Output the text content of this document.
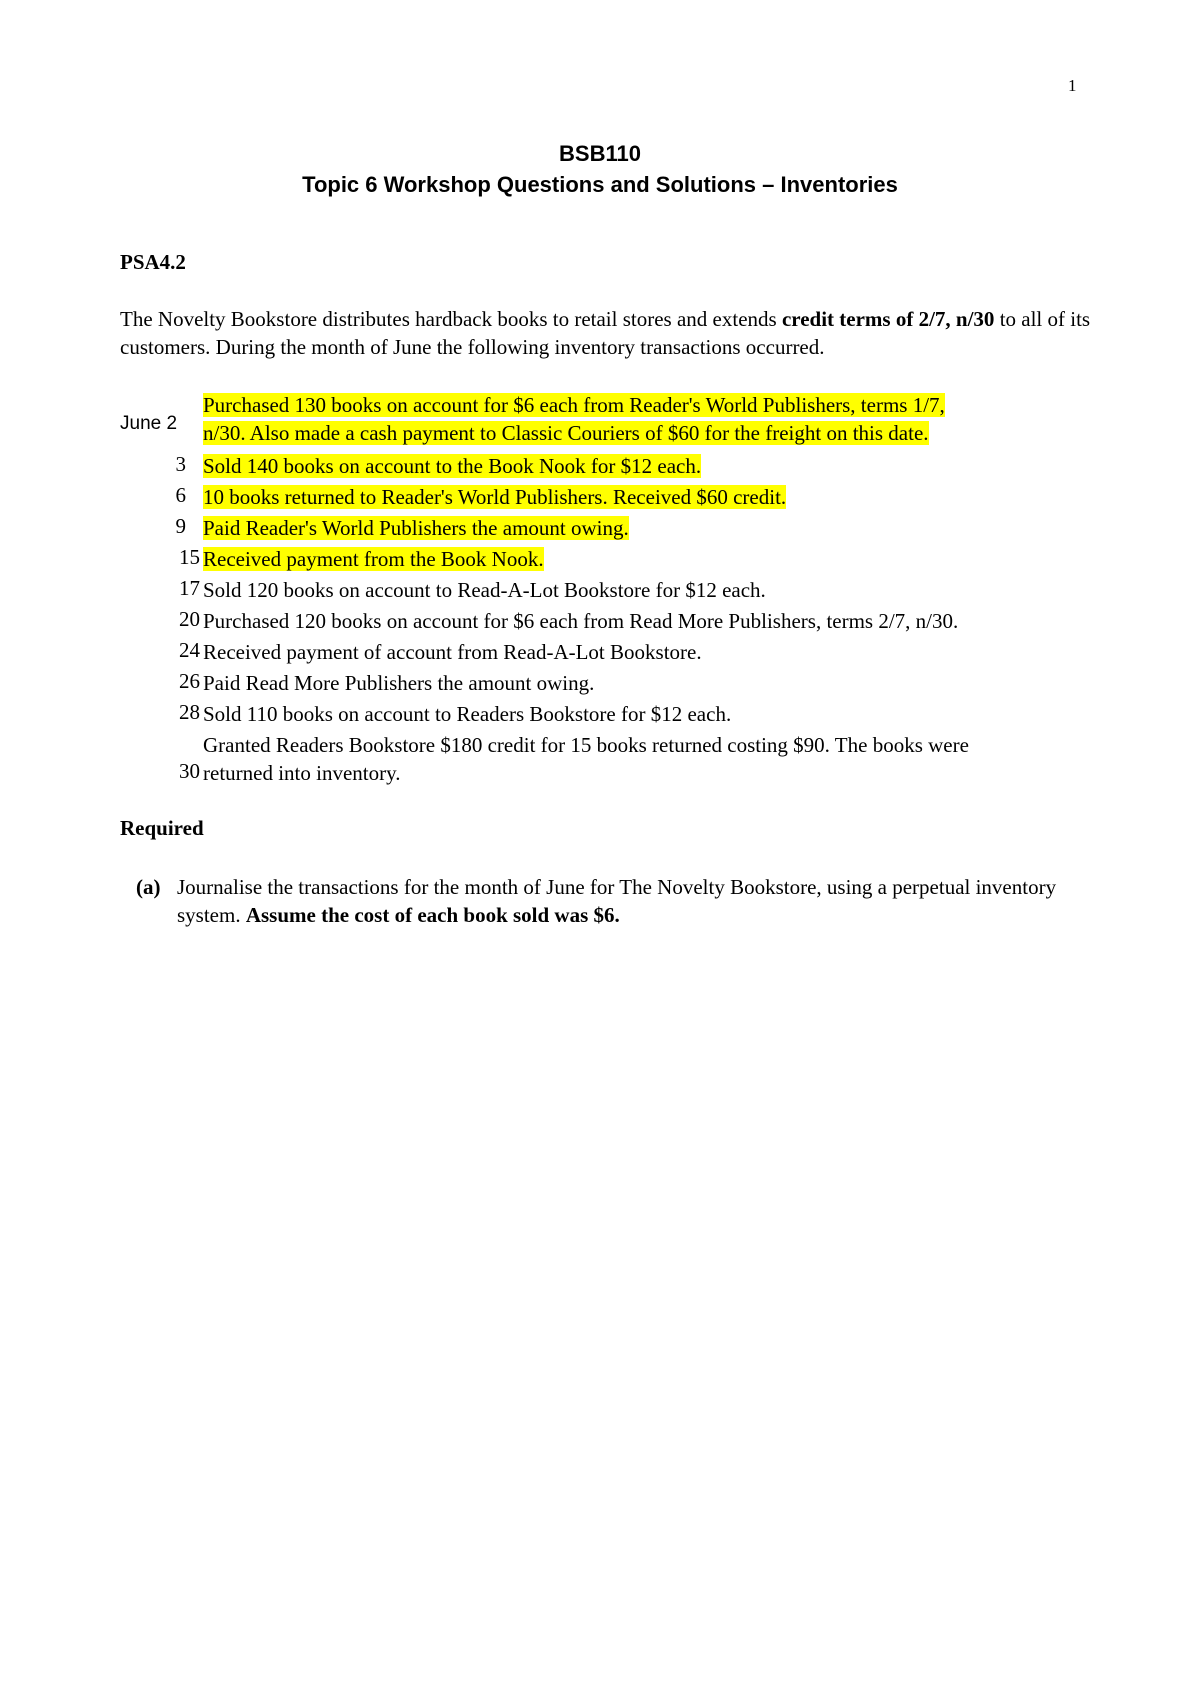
1
BSB110
Topic 6 Workshop Questions and Solutions – Inventories
PSA4.2
The Novelty Bookstore distributes hardback books to retail stores and extends credit terms of 2/7, n/30 to all of its customers. During the month of June the following inventory transactions occurred.
June 2
Purchased 130 books on account for $6 each from Reader's World Publishers, terms 1/7,
n/30. Also made a cash payment to Classic Couriers of $60 for the freight on this date.
3 Sold 140 books on account to the Book Nook for $12 each.
6 10 books returned to Reader's World Publishers. Received $60 credit.
9 Paid Reader's World Publishers the amount owing.
15 Received payment from the Book Nook.
17 Sold 120 books on account to Read-A-Lot Bookstore for $12 each.
20 Purchased 120 books on account for $6 each from Read More Publishers, terms 2/7, n/30.
24 Received payment of account from Read-A-Lot Bookstore.
26 Paid Read More Publishers the amount owing.
28 Sold 110 books on account to Readers Bookstore for $12 each.
30
Granted Readers Bookstore $180 credit for 15 books returned costing $90. The books were
returned into inventory.
Required
(a) Journalise the transactions for the month of June for The Novelty Bookstore, using a perpetual inventory system. Assume the cost of each book sold was $6.
